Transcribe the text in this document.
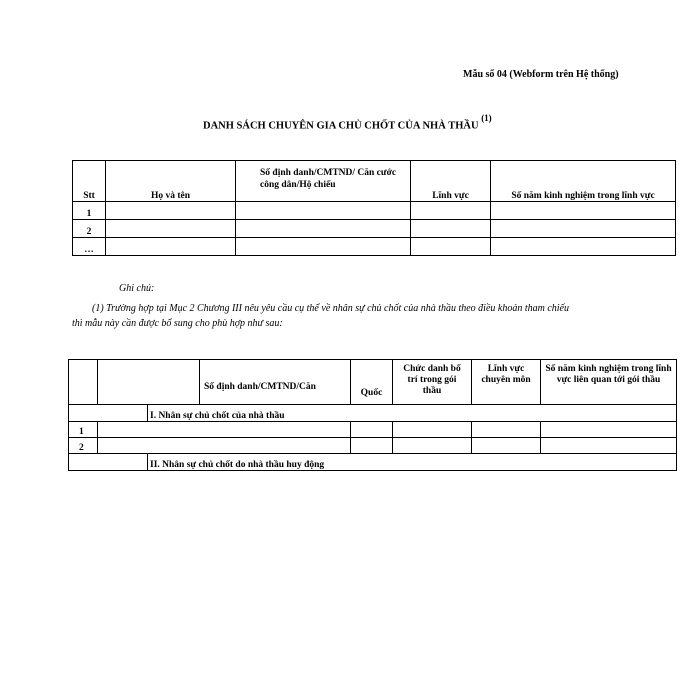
Mẫu số 04 (Webform trên Hệ thống)
DANH SÁCH CHUYÊN GIA CHỦ CHỐT CỦA NHÀ THẦU $^{(1)}$
Stt	Họ và tên	Số định danh/CMTND/ Căn cước công dân/Hộ chiếu	Lĩnh vực	Số năm kinh nghiệm trong lĩnh vực
1				
2				
…				
Ghi chú:
(1) Trường hợp tại Mục 2 Chương III nêu yêu cầu cụ thể về nhân sự chủ chốt của nhà thầu theo điều khoản tham chiếu
thì mẫu này cần được bổ sung cho phù hợp như sau:

			Số định danh/CMTND/Căn	Quốc	Chức danh bố trí trong gói thầu	Lĩnh vực chuyên môn	Số năm kinh nghiệm trong lĩnh vực liên quan tới gói thầu

		I. Nhân sự chủ chốt của nhà thầu					
1							
2							
		II. Nhân sự chủ chốt do nhà thầu huy động					
